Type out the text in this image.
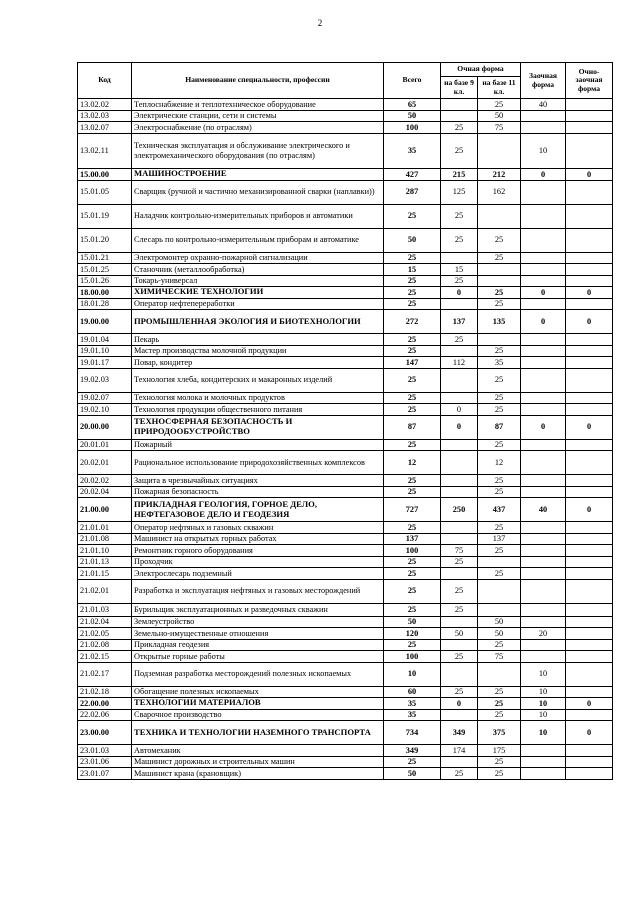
2
Код	Наименование специальности, профессии	Всего	Очная форма		Заочная форма	Очно-заочная форма
			на базе 9 кл.	на базе 11 кл.		
13.02.02	Теплоснабжение и теплотехническое оборудование	65		25	40	
13.02.03	Электрические станции, сети и системы	50		50		
13.02.07	Электроснабжение (по отраслям)	100	25	75		
13.02.11	Техническая эксплуатация и обслуживание электрического и электромеханического оборудования (по отраслям)	35	25		10	
15.00.00	МАШИНОСТРОЕНИЕ	427	215	212	0	0
15.01.05	Сварщик (ручной и частично механизированной сварки (наплавки))	287	125	162		
15.01.19	Наладчик контрольно-измерительных приборов и автоматики	25	25			
15.01.20	Слесарь по контрольно-измерительным приборам и автоматике	50	25	25		
15.01.21	Электромонтер охранно-пожарной сигнализации	25		25		
15.01.25	Станочник (металлообработка)	15	15			
15.01.26	Токарь-универсал	25	25			
18.00.00	ХИМИЧЕСКИЕ ТЕХНОЛОГИИ	25	0	25	0	0
18.01.28	Оператор нефтепереработки	25		25		
19.00.00	ПРОМЫШЛЕННАЯ ЭКОЛОГИЯ И БИОТЕХНОЛОГИИ	272	137	135	0	0
19.01.04	Пекарь	25	25			
19.01.10	Мастер производства молочной продукции	25		25		
19.01.17	Повар, кондитер	147	112	35		
19.02.03	Технология хлеба, кондитерских и макаронных изделий	25		25		
19.02.07	Технология молока и молочных продуктов	25		25		
19.02.10	Технология продукции общественного питания	25	0	25		
20.00.00	ТЕХНОСФЕРНАЯ БЕЗОПАСНОСТЬ И ПРИРОДООБУСТРОЙСТВО	87	0	87	0	0
20.01.01	Пожарный	25		25		
20.02.01	Рациональное использование природохозяйственных комплексов	12		12		
20.02.02	Защита в чрезвычайных ситуациях	25		25		
20.02.04	Пожарная безопасность	25		25		
21.00.00	ПРИКЛАДНАЯ ГЕОЛОГИЯ, ГОРНОЕ ДЕЛО, НЕФТЕГАЗОВОЕ ДЕЛО И ГЕОДЕЗИЯ	727	250	437	40	0
21.01.01	Оператор нефтяных и газовых скважин	25		25		
21.01.08	Машинист на открытых горных работах	137		137		
21.01.10	Ремонтник горного оборудования	100	75	25		
21.01.13	Проходчик	25	25			
21.01.15	Электрослесарь подземный	25		25		
21.02.01	Разработка и эксплуатация нефтяных и газовых месторождений	25	25			
21.01.03	Бурильщик эксплуатационных и разведочных скважин	25	25			
21.02.04	Землеустройство	50		50		
21.02.05	Земельно-имущественные отношения	120	50	50	20	
21.02.08	Прикладная геодезия	25		25		
21.02.15	Открытые горные работы	100	25	75		
21.02.17	Подземная разработка месторождений полезных ископаемых	10			10	
21.02.18	Обогащение полезных ископаемых	60	25	25	10	
22.00.00	ТЕХНОЛОГИИ МАТЕРИАЛОВ	35	0	25	10	0
22.02.06	Сварочное производство	35		25	10	
23.00.00	ТЕХНИКА И ТЕХНОЛОГИИ НАЗЕМНОГО ТРАНСПОРТА	734	349	375	10	0
23.01.03	Автомеханик	349	174	175		
23.01.06	Машинист дорожных и строительных машин	25		25		
23.01.07	Машинист крана (крановщик)	50	25	25		
